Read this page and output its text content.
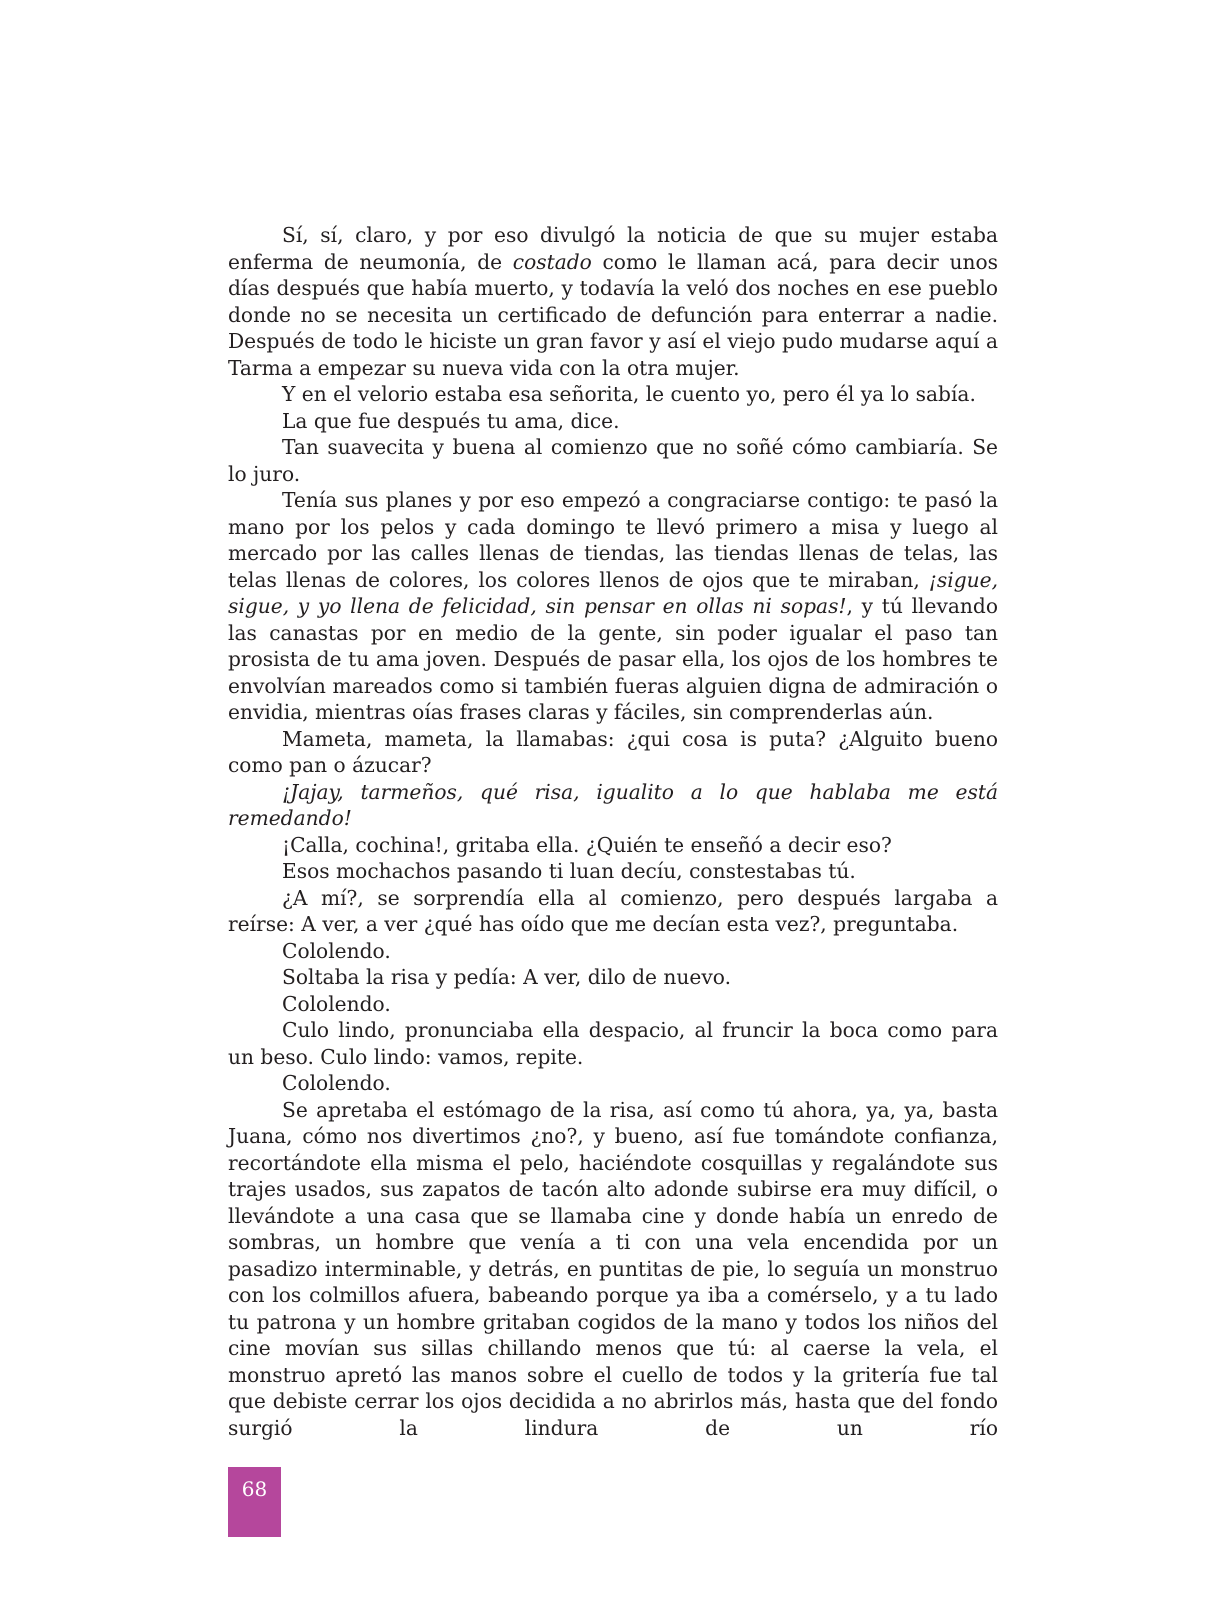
Sí, sí, claro, y por eso divulgó la noticia de que su mujer estaba enferma de neumonía, de costado como le llaman acá, para decir unos días después que había muerto, y todavía la veló dos noches en ese pueblo donde no se necesita un certificado de defunción para enterrar a nadie. Después de todo le hiciste un gran favor y así el viejo pudo mudarse aquí a Tarma a empezar su nueva vida con la otra mujer.

Y en el velorio estaba esa señorita, le cuento yo, pero él ya lo sabía.

La que fue después tu ama, dice.

Tan suavecita y buena al comienzo que no soñé cómo cambiaría. Se lo juro.

Tenía sus planes y por eso empezó a congraciarse contigo: te pasó la mano por los pelos y cada domingo te llevó primero a misa y luego al mercado por las calles llenas de tiendas, las tiendas llenas de telas, las telas llenas de colores, los colores llenos de ojos que te miraban, ¡sigue, sigue, y yo llena de felicidad, sin pensar en ollas ni sopas!, y tú llevando las canastas por en medio de la gente, sin poder igualar el paso tan prosista de tu ama joven. Después de pasar ella, los ojos de los hombres te envolvían mareados como si también fueras alguien digna de admiración o envidia, mientras oías frases claras y fáciles, sin comprenderlas aún.

Mameta, mameta, la llamabas: ¿qui cosa is puta? ¿Alguito bueno como pan o ázucar?

¡Jajay, tarmeños, qué risa, igualito a lo que hablaba me está remedando!

¡Calla, cochina!, gritaba ella. ¿Quién te enseñó a decir eso?

Esos mochachos pasando ti luan decíu, constestabas tú.

¿A mí?, se sorprendía ella al comienzo, pero después largaba a reírse: A ver, a ver ¿qué has oído que me decían esta vez?, preguntaba.

Cololendo.

Soltaba la risa y pedía: A ver, dilo de nuevo.

Cololendo.

Culo lindo, pronunciaba ella despacio, al fruncir la boca como para un beso. Culo lindo: vamos, repite.

Cololendo.

Se apretaba el estómago de la risa, así como tú ahora, ya, ya, basta Juana, cómo nos divertimos ¿no?, y bueno, así fue tomándote confianza, recortándote ella misma el pelo, haciéndote cosquillas y regalándote sus trajes usados, sus zapatos de tacón alto adonde subirse era muy difícil, o llevándote a una casa que se llamaba cine y donde había un enredo de sombras, un hombre que venía a ti con una vela encendida por un pasadizo interminable, y detrás, en puntitas de pie, lo seguía un monstruo con los colmillos afuera, babeando porque ya iba a comérselo, y a tu lado tu patrona y un hombre gritaban cogidos de la mano y todos los niños del cine movían sus sillas chillando menos que tú: al caerse la vela, el monstruo apretó las manos sobre el cuello de todos y la gritería fue tal que debiste cerrar los ojos decidida a no abrirlos más, hasta que del fondo surgió la lindura de un río

68
